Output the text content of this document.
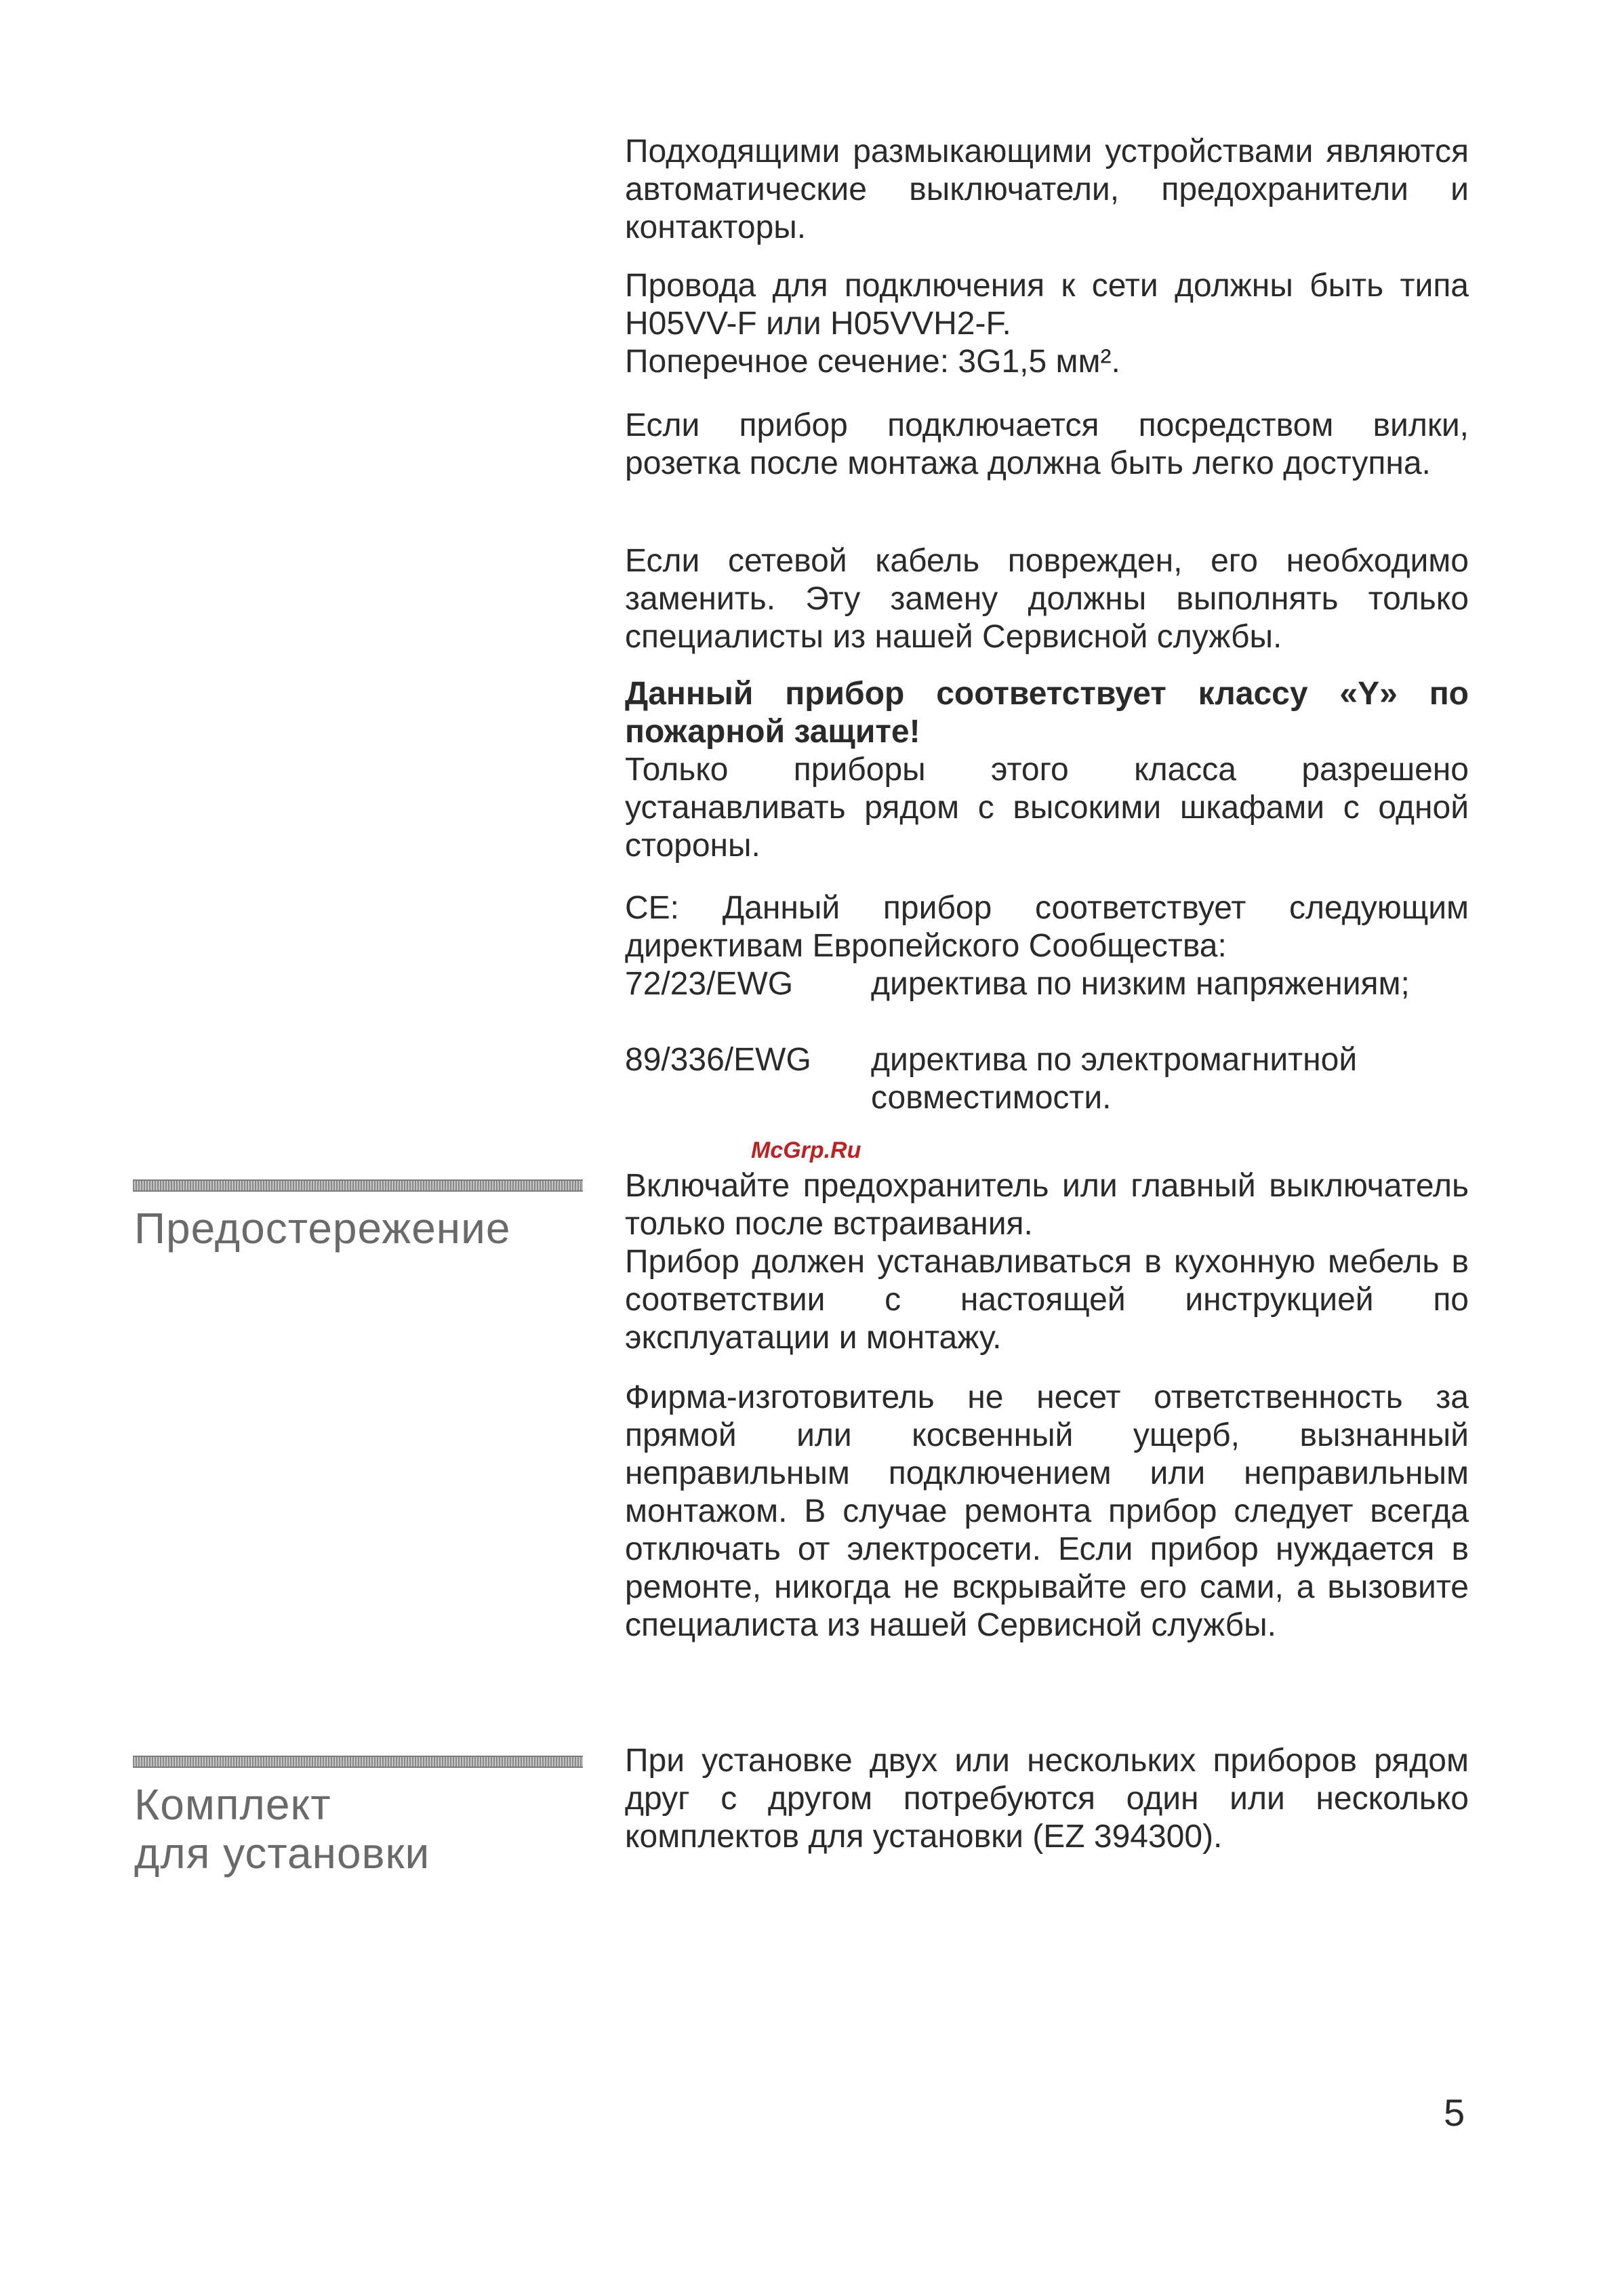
Подходящими размыкающими устройствами являются автоматические выключатели, предохранители и контакторы.

Провода для подключения к сети должны быть типа H05VV-F или H05VVH2-F.

Поперечное сечение: 3G1,5 мм².

Если прибор подключается посредством вилки, розетка после монтажа должна быть легко доступна.

Если сетевой кабель поврежден, его необходимо заменить. Эту замену должны выполнять только специалисты из нашей Сервисной службы.

Данный прибор соответствует классу «Y» по пожарной защите!

Только приборы этого класса разрешено устанавливать рядом с высокими шкафами с одной стороны.

CE: Данный прибор соответствует следующим директивам Европейского Сообщества:

72/23/EWG	директива по низким напряжениям;
89/336/EWG	директива по электромагнитной совместимости.
McGrp.Ru
Предостережение

Включайте предохранитель или главный выключатель только после встраивания.

Прибор должен устанавливаться в кухонную мебель в соответствии с настоящей инструкцией по эксплуатации и монтажу.

Фирма-изготовитель не несет ответственность за прямой или косвенный ущерб, вызнанный неправильным подключением или неправильным монтажом. В случае ремонта прибор следует всегда отключать от электросети. Если прибор нуждается в ремонте, никогда не вскрывайте его сами, а вызовите специалиста из нашей Сервисной службы.

Комплект
для установки

При установке двух или нескольких приборов рядом друг с другом потребуются один или несколько комплектов для установки (EZ 394300).

5
